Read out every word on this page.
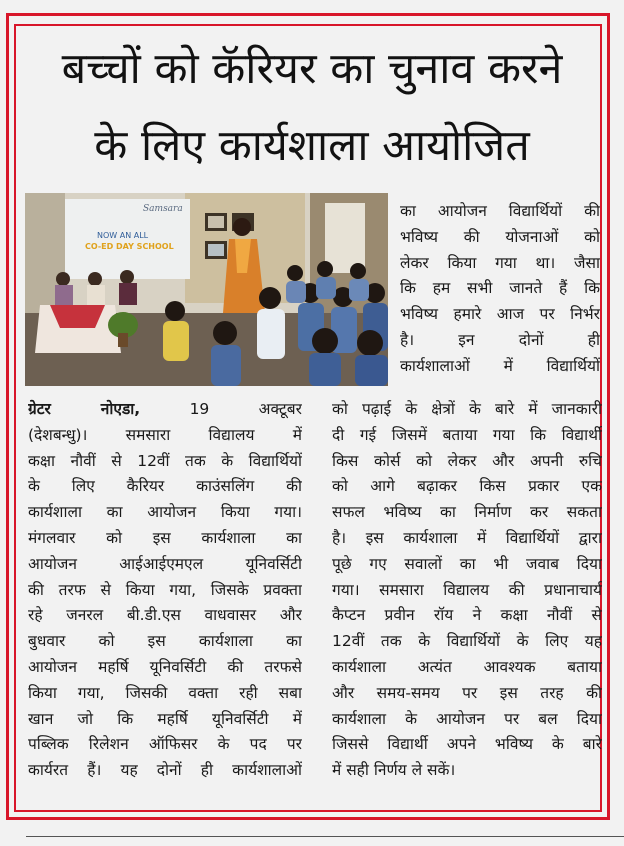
बच्चों को कॅरियर का चुनाव करने
के लिए कार्यशाला आयोजित
Samsara
NOW AN ALL
CO-ED DAY SCHOOL
का आयोजन विद्यार्थियों की
भविष्य की योजनाओं को
लेकर किया गया था। जैसा
कि हम सभी जानते हैं कि
भविष्य हमारे आज पर निर्भर
है। इन दोनों ही
कार्यशालाओं में विद्यार्थियों
ग्रेटर नोएडा,	19 अक्टूबर
(देशबन्धु)। समसारा विद्यालय में
कक्षा नौवीं से 12वीं तक के विद्यार्थियों
के लिए कैरियर काउंसलिंग की
कार्यशाला का आयोजन किया गया।
मंगलवार को इस कार्यशाला का
आयोजन आईआईएमएल यूनिवर्सिटी
की तरफ से किया गया, जिसके प्रवक्ता
रहे जनरल बी.डी.एस वाधवासर और
बुधवार को इस कार्यशाला का
आयोजन महर्षि यूनिवर्सिटी की तरफसे
किया गया, जिसकी वक्ता रही सबा
खान जो कि महर्षि यूनिवर्सिटी में
पब्लिक रिलेशन ऑफिसर के पद पर
कार्यरत हैं। यह दोनों ही कार्यशालाओं
को पढ़ाई के क्षेत्रों के बारे में जानकारी
दी गई जिसमें बताया गया कि विद्यार्थी
किस कोर्स को लेकर और अपनी रुचि
को आगे बढ़ाकर किस प्रकार एक
सफल भविष्य का निर्माण कर सकता
है। इस कार्यशाला में विद्यार्थियों द्वारा
पूछे गए सवालों का भी जवाब दिया
गया। समसारा विद्यालय की प्रधानाचार्य
कैप्टन प्रवीन रॉय ने कक्षा नौवीं से
12वीं तक के विद्यार्थियों के लिए यह
कार्यशाला अत्यंत आवश्यक बताया
और समय-समय पर इस तरह की
कार्यशाला के आयोजन पर बल दिया
जिससे विद्यार्थी अपने भविष्य के बारे
में सही निर्णय ले सकें।
